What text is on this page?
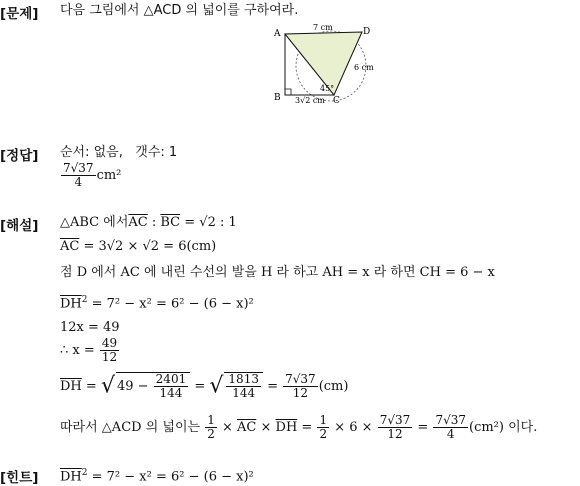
[문제] 다음 그림에서 △ACD 의 넓이를 구하여라.
A
B	C
D
7 cm
6 cm
45°
3√2 cm
[정답] 순서: 없음, 갯수: 1
$\frac{7√37}{4} cm^2$
[해설] △ABC 에서$\overline{AC}$ : $\overline{BC} = √2$ : 1
$\overline{AC} = 3√2 \times √2 = 6(cm)$
점 D 에서 AC 에 내린 수선의 발을 H 라 하고 AH = x 라 하면 CH = 6 − x
$\overline{DH}^2 = 7^2 - x^2 = 6^2 - (6 - x)^2$
12x = 49
∴ $x = \frac{49}{12}$
$\overline{DH}$ = √ $49 - \frac{2401}{144}$ = √ $\frac{1813}{144} = \frac{7√37}{12} (cm)$
따라서 △ACD 의 넓이는 $\frac{1}{2} \times \overline{AC} \times \overline{DH} = \frac{1}{2} \times 6 \times \frac{7√37}{12} = \frac{7√37}{4} (cm^2)$ 이다.
[힌트] $\overline{DH}^2 = 7^2 - x^2 = 6^2 - (6 - x)^2$
